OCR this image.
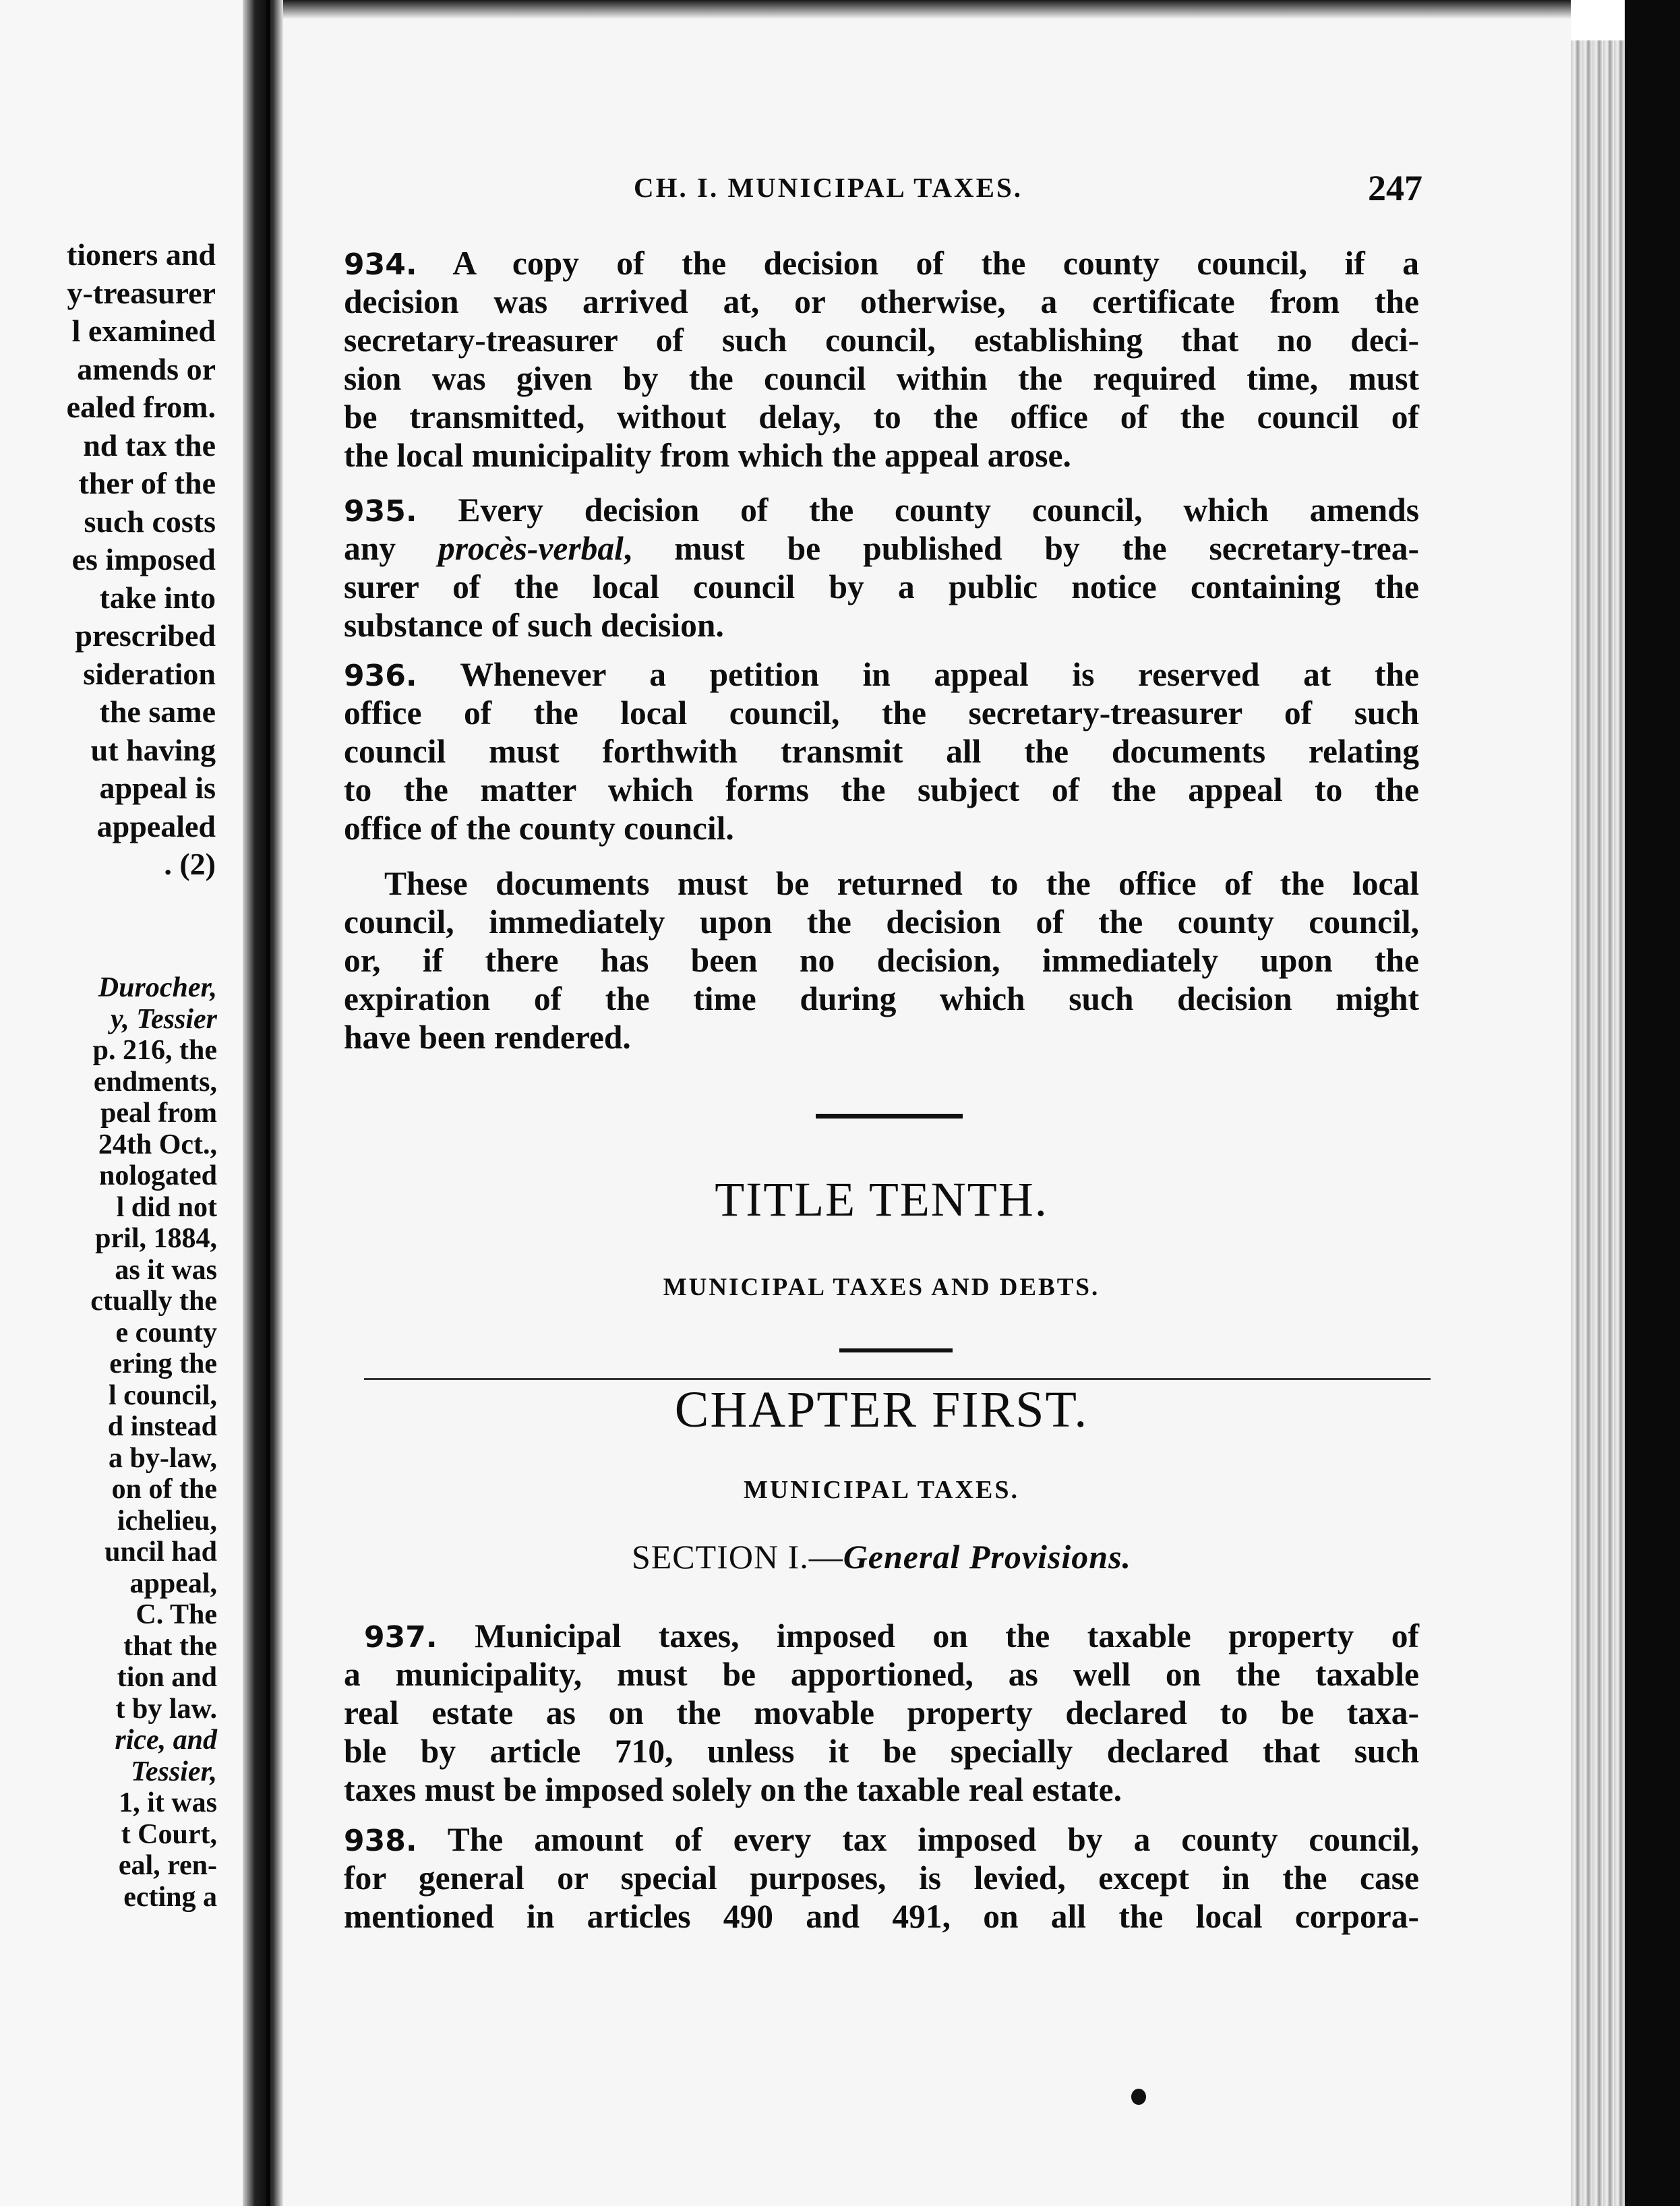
tioners and
y-treasurer
l examined
amends or
ealed from.
nd tax the
ther of the
such costs
es imposed
take into
prescribed
sideration
the same
ut having
appeal is
appealed
. (2)
Durocher,
y, Tessier
p. 216, the
endments,
peal from
24th Oct.,
nologated
l did not
pril, 1884,
as it was
ctually the
e county
ering the
l council,
d instead
a by-law,
on of the
ichelieu,
uncil had
appeal,
C. The
that the
tion and
t by law.
rice, and
Tessier,
1, it was
t Court,
eal, ren-
ecting a
CH. I. MUNICIPAL TAXES.	247
934. A copy of the decision of the county council, if a
decision was arrived at, or otherwise, a certificate from the
secretary-treasurer of such council, establishing that no deci-
sion was given by the council within the required time, must
be transmitted, without delay, to the office of the council of
the local municipality from which the appeal arose.
935. Every decision of the county council, which amends
any procès-verbal, must be published by the secretary-trea-
surer of the local council by a public notice containing the
substance of such decision.
936. Whenever a petition in appeal is reserved at the
office of the local council, the secretary-treasurer of such
council must forthwith transmit all the documents relating
to the matter which forms the subject of the appeal to the
office of the county council.
These documents must be returned to the office of the local
council, immediately upon the decision of the county council,
or, if there has been no decision, immediately upon the
expiration of the time during which such decision might
have been rendered.
TITLE TENTH.
MUNICIPAL TAXES AND DEBTS.
CHAPTER FIRST.
MUNICIPAL TAXES.
SECTION I.—General Provisions.
937. Municipal taxes, imposed on the taxable property of
a municipality, must be apportioned, as well on the taxable
real estate as on the movable property declared to be taxa-
ble by article 710, unless it be specially declared that such
taxes must be imposed solely on the taxable real estate.
938. The amount of every tax imposed by a county council,
for general or special purposes, is levied, except in the case
mentioned in articles 490 and 491, on all the local corpora-
